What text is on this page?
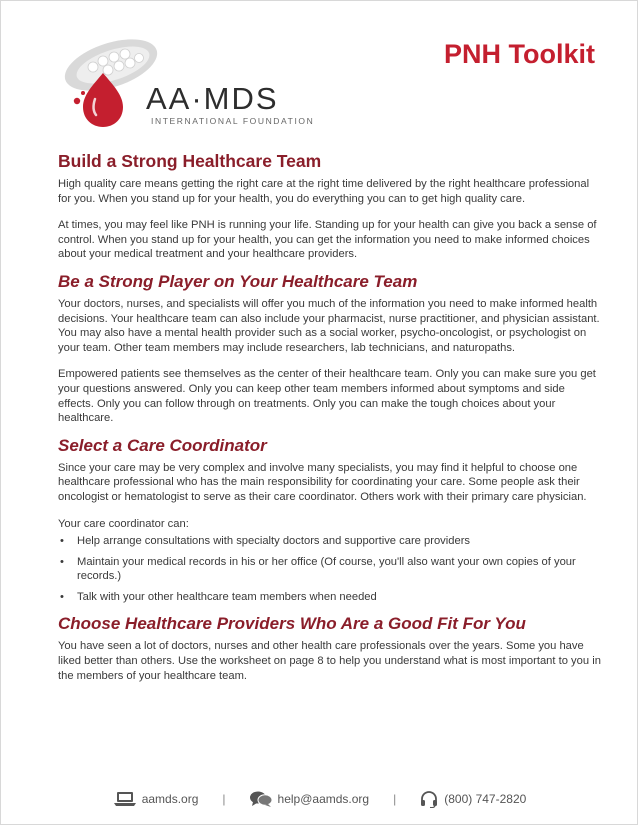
AA·MDS
INTERNATIONAL FOUNDATION
PNH Toolkit
Build a Strong Healthcare Team

High quality care means getting the right care at the right time delivered by the right healthcare professional for you. When you stand up for your health, you do everything you can to get high quality care.

At times, you may feel like PNH is running your life. Standing up for your health can give you back a sense of control. When you stand up for your health, you can get the information you need to make informed choices about your medical treatment and your healthcare providers.

Be a Strong Player on Your Healthcare Team

Your doctors, nurses, and specialists will offer you much of the information you need to make informed health decisions. Your healthcare team can also include your pharmacist, nurse practitioner, and physician assistant. You may also have a mental health provider such as a social worker, psycho-oncologist, or psychologist on your team. Other team members may include researchers, lab technicians, and naturopaths.

Empowered patients see themselves as the center of their healthcare team. Only you can make sure you get your questions answered. Only you can keep other team members informed about symptoms and side effects. Only you can follow through on treatments. Only you can make the tough choices about your healthcare.

Select a Care Coordinator

Since your care may be very complex and involve many specialists, you may find it helpful to choose one healthcare professional who has the main responsibility for coordinating your care. Some people ask their oncologist or hematologist to serve as their care coordinator. Others work with their primary care physician.

Your care coordinator can:

• Help arrange consultations with specialty doctors and supportive care providers
• Maintain your medical records in his or her office (Of course, you'll also want your own copies of your records.)
• Talk with your other healthcare team members when needed
Choose Healthcare Providers Who Are a Good Fit For You

You have seen a lot of doctors, nurses and other health care professionals over the years. Some you have liked better than others. Use the worksheet on page 8 to help you understand what is most important to you in the members of your healthcare team.

aamds.org |	help@aamds.org |	(800) 747-2820
